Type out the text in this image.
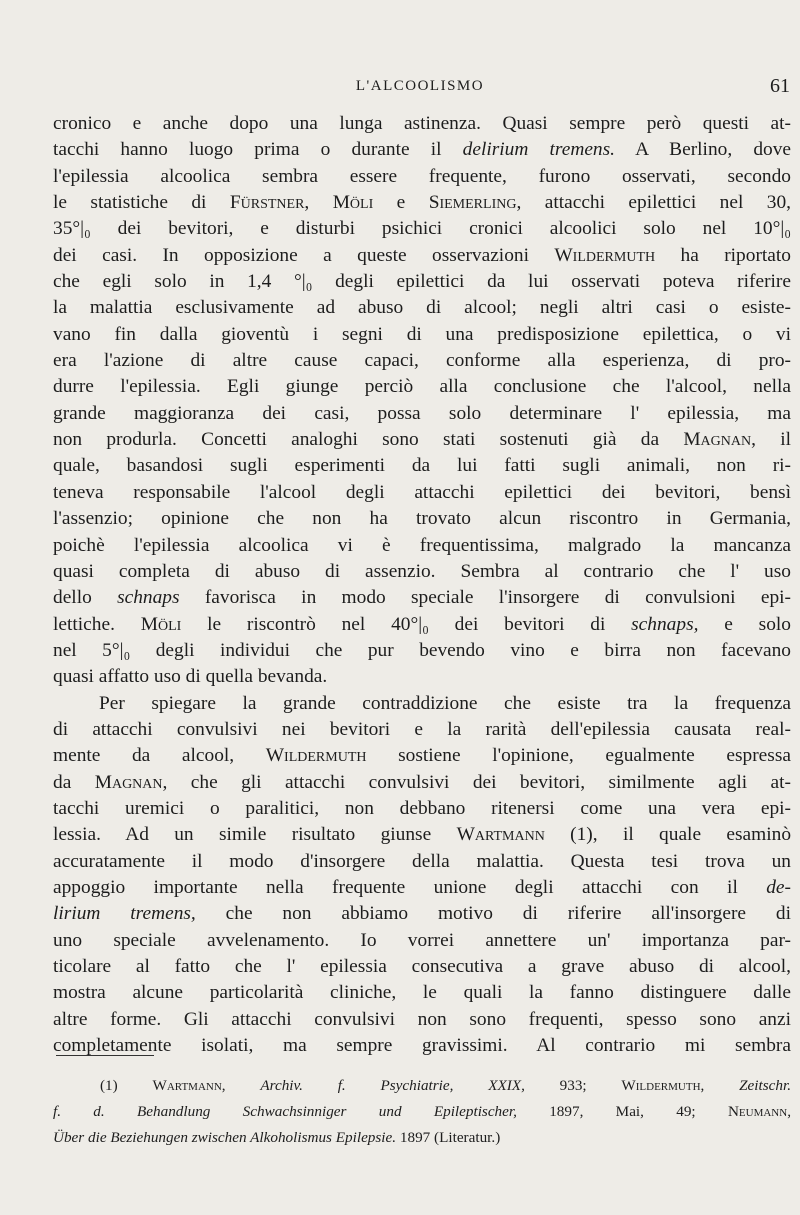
L'ALCOOLISMO	61
cronico e anche dopo una lunga astinenza. Quasi sempre però questi at-
tacchi hanno luogo prima o durante il delirium tremens. A Berlino, dove
l'epilessia alcoolica sembra essere frequente, furono osservati, secondo
le statistiche di Fürstner, Möli e Siemerling, attacchi epilettici nel 30,
35°|₀ dei bevitori, e disturbi psichici cronici alcoolici solo nel 10°|₀
dei casi. In opposizione a queste osservazioni Wildermuth ha riportato
che egli solo in 1,4 °|₀ degli epilettici da lui osservati poteva riferire
la malattia esclusivamente ad abuso di alcool; negli altri casi o esiste-
vano fin dalla gioventù i segni di una predisposizione epilettica, o vi
era l'azione di altre cause capaci, conforme alla esperienza, di pro-
durre l'epilessia. Egli giunge perciò alla conclusione che l'alcool, nella
grande maggioranza dei casi, possa solo determinare l' epilessia, ma
non produrla. Concetti analoghi sono stati sostenuti già da Magnan, il
quale, basandosi sugli esperimenti da lui fatti sugli animali, non ri-
teneva responsabile l'alcool degli attacchi epilettici dei bevitori, bensì
l'assenzio; opinione che non ha trovato alcun riscontro in Germania,
poichè l'epilessia alcoolica vi è frequentissima, malgrado la mancanza
quasi completa di abuso di assenzio. Sembra al contrario che l' uso
dello schnaps favorisca in modo speciale l'insorgere di convulsioni epi-
lettiche. Möli le riscontrò nel 40°|₀ dei bevitori di schnaps, e solo
nel 5°|₀ degli individui che pur bevendo vino e birra non facevano
quasi affatto uso di quella bevanda.
Per spiegare la grande contraddizione che esiste tra la frequenza
di attacchi convulsivi nei bevitori e la rarità dell'epilessia causata real-
mente da alcool, Wildermuth sostiene l'opinione, egualmente espressa
da Magnan, che gli attacchi convulsivi dei bevitori, similmente agli at-
tacchi uremici o paralitici, non debbano ritenersi come una vera epi-
lessia. Ad un simile risultato giunse Wartmann (1), il quale esaminò
accuratamente il modo d'insorgere della malattia. Questa tesi trova un
appoggio importante nella frequente unione degli attacchi con il de-
lirium tremens, che non abbiamo motivo di riferire all'insorgere di
uno speciale avvelenamento. Io vorrei annettere un' importanza par-
ticolare al fatto che l' epilessia consecutiva a grave abuso di alcool,
mostra alcune particolarità cliniche, le quali la fanno distinguere dalle
altre forme. Gli attacchi convulsivi non sono frequenti, spesso sono anzi
completamente isolati, ma sempre gravissimi. Al contrario mi sembra
(1) Wartmann, Archiv. f. Psychiatrie, XXIX, 933; Wildermuth, Zeitschr.
f. d. Behandlung Schwachsinniger und Epileptischer, 1897, Mai, 49; Neumann,
Über die Beziehungen zwischen Alkoholismus Epilepsie. 1897 (Literatur.)
